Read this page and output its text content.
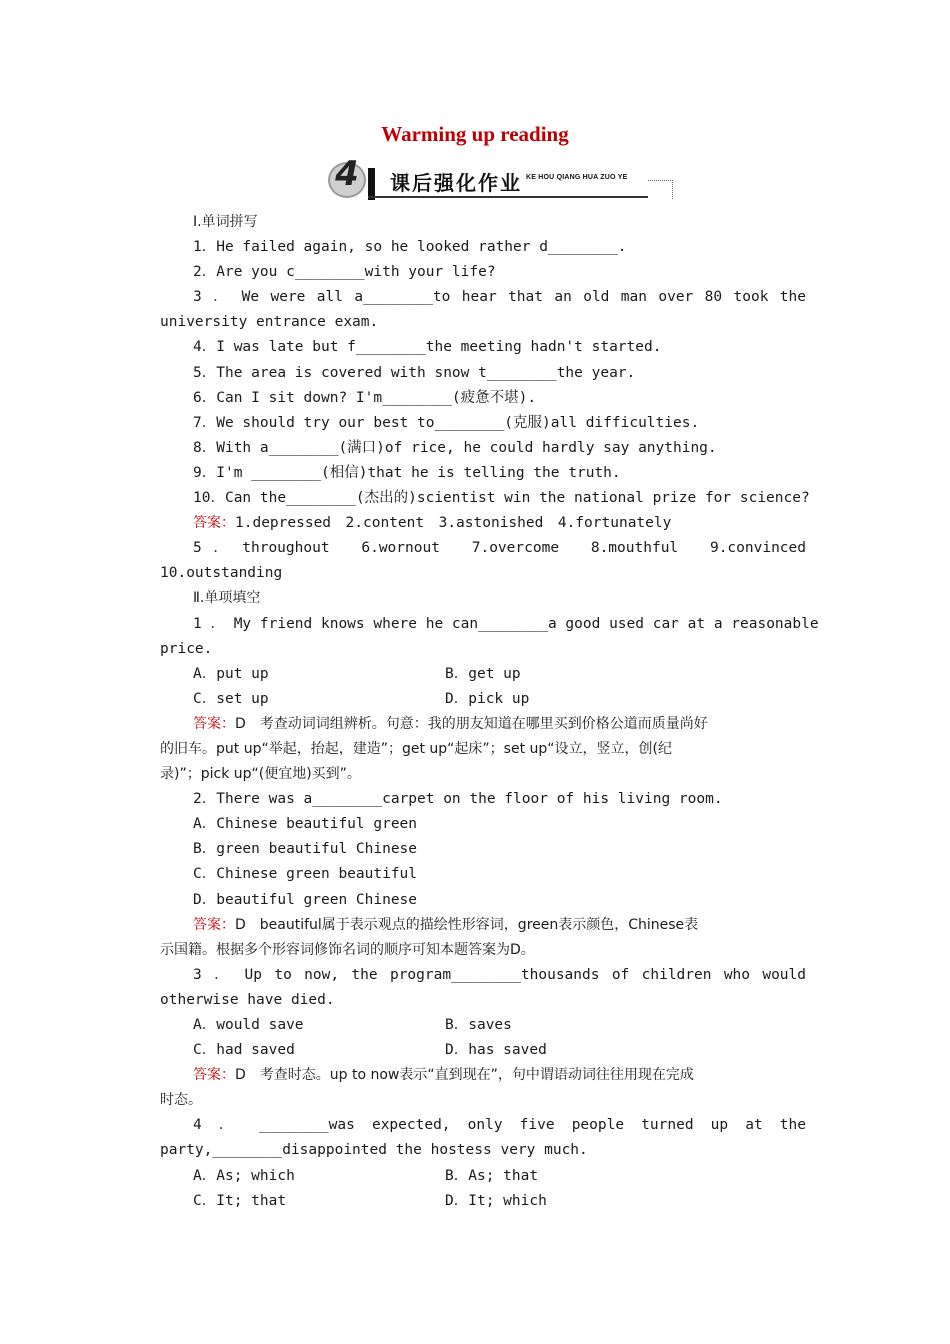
Warming up reading
4 课后强化作业 KE HOU QIANG HUA ZUO YE
Ⅰ.单词拼写
1．He failed again, so he looked rather d________.
2．Are you c________with your life?
3 ． We were all a________to hear that an old man over 80 took the
university entrance exam.
4．I was late but f________the meeting hadn't started.
5．The area is covered with snow t________the year.
6．Can I sit down? I'm________(疲惫不堪).
7．We should try our best to________(克服)all difficulties.
8．With a________(满口)of rice, he could hardly say anything.
9．I'm ________(相信)that he is telling the truth.
10．Can the________(杰出的)scientist win the national prize for science?
答案：1.depressed　2.content　3.astonished　4.fortunately
5 ． throughout　 6.wornout　 7.overcome　 8.mouthful　 9.convinced
10.outstanding
Ⅱ.单项填空
1 ． My friend knows where he can________a good used car at a reasonable
price.
A．put up	B．get up
C．set up	D．pick up
答案：D　考查动词词组辨析。句意：我的朋友知道在哪里买到价格公道而质量尚好
的旧车。put up“举起，抬起，建造”；get up“起床”；set up“设立，竖立，创(纪
录)”；pick up“(便宜地)买到”。
2．There was a________carpet on the floor of his living room.
A．Chinese beautiful green
B．green beautiful Chinese
C．Chinese green beautiful
D．beautiful green Chinese
答案：D　beautiful属于表示观点的描绘性形容词，green表示颜色，Chinese表
示国籍。根据多个形容词修饰名词的顺序可知本题答案为D。
3 ． Up to now, the program________thousands of children who would
otherwise have died.
A．would save	B．saves
C．had saved	D．has saved
答案：D　考查时态。up to now表示“直到现在”，句中谓语动词往往用现在完成
时态。
4 ． ________was expected, only five people turned up at the
party,________disappointed the hostess very much.
A．As; which	B．As; that
C．It; that	D．It; which
